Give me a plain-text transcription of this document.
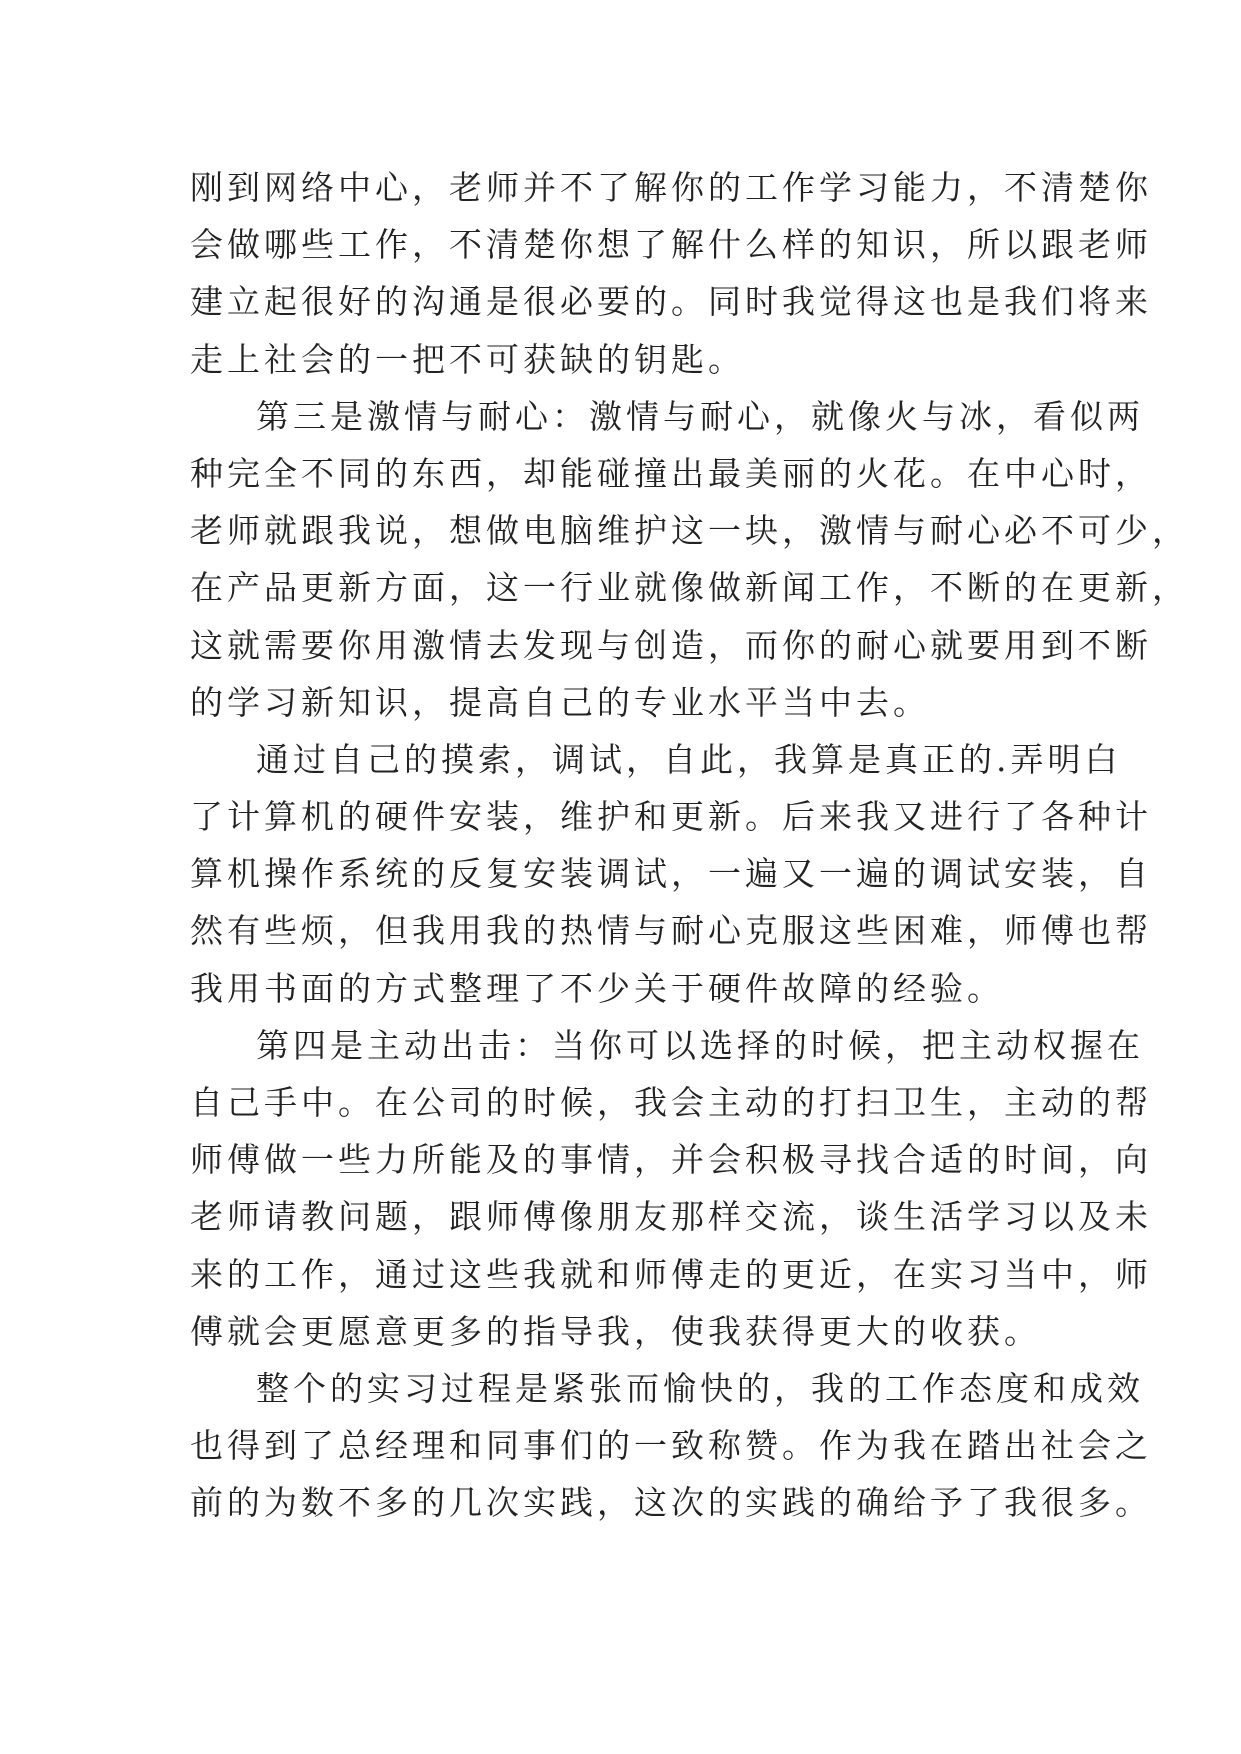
刚到网络中心，老师并不了解你的工作学习能力，不清楚你
会做哪些工作，不清楚你想了解什么样的知识，所以跟老师
建立起很好的沟通是很必要的。同时我觉得这也是我们将来
走上社会的一把不可获缺的钥匙。
第三是激情与耐心：激情与耐心，就像火与冰，看似两
种完全不同的东西，却能碰撞出最美丽的火花。在中心时，
老师就跟我说，想做电脑维护这一块，激情与耐心必不可少，
在产品更新方面，这一行业就像做新闻工作，不断的在更新，
这就需要你用激情去发现与创造，而你的耐心就要用到不断
的学习新知识，提高自己的专业水平当中去。
通过自己的摸索，调试，自此，我算是真正的.弄明白
了计算机的硬件安装，维护和更新。后来我又进行了各种计
算机操作系统的反复安装调试，一遍又一遍的调试安装，自
然有些烦，但我用我的热情与耐心克服这些困难，师傅也帮
我用书面的方式整理了不少关于硬件故障的经验。
第四是主动出击：当你可以选择的时候，把主动权握在
自己手中。在公司的时候，我会主动的打扫卫生，主动的帮
师傅做一些力所能及的事情，并会积极寻找合适的时间，向
老师请教问题，跟师傅像朋友那样交流，谈生活学习以及未
来的工作，通过这些我就和师傅走的更近，在实习当中，师
傅就会更愿意更多的指导我，使我获得更大的收获。
整个的实习过程是紧张而愉快的，我的工作态度和成效
也得到了总经理和同事们的一致称赞。作为我在踏出社会之
前的为数不多的几次实践，这次的实践的确给予了我很多。
